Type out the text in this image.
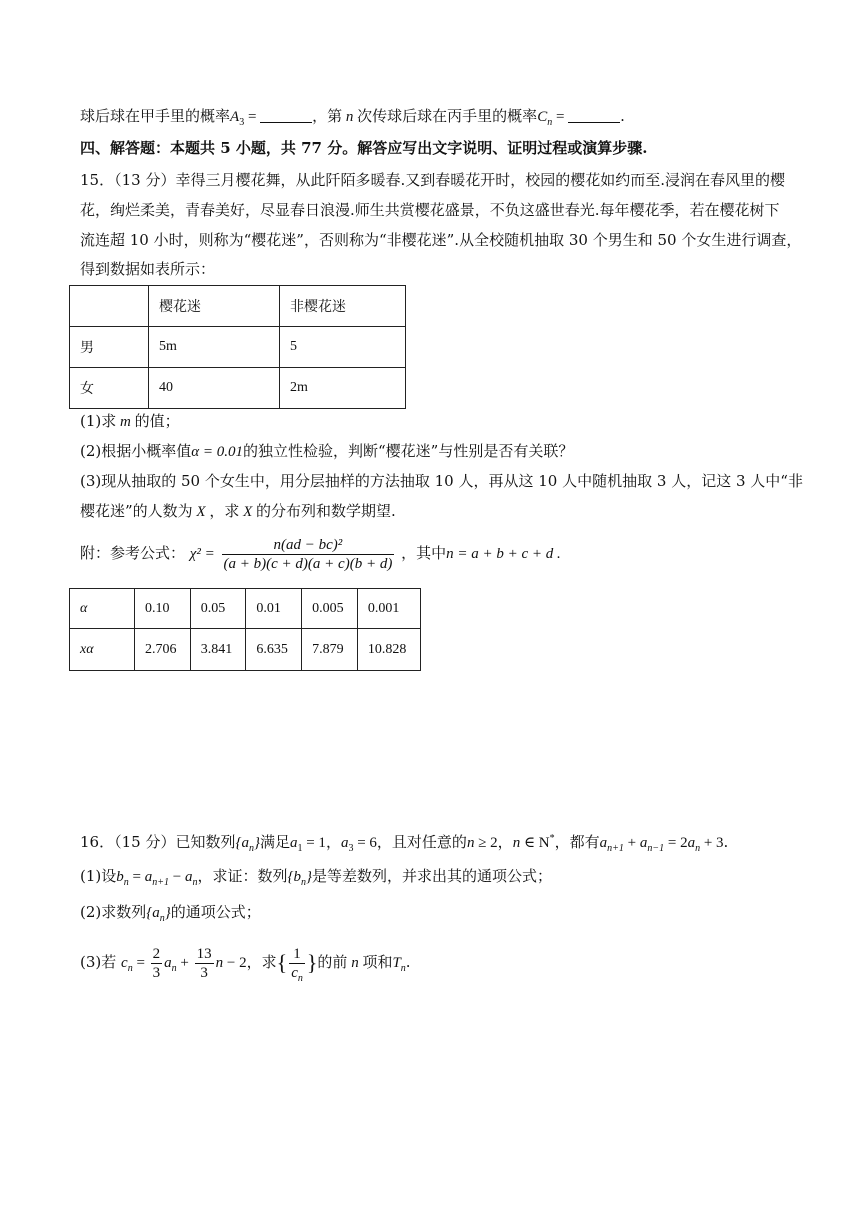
球后球在甲手里的概率$A_3$ =	，第 n 次传球后球在丙手里的概率$C_n$ =	.
四、解答题：本题共 5 小题，共 77 分。解答应写出文字说明、证明过程或演算步骤.
15．（13 分）幸得三月樱花舞，从此阡陌多暖春.又到春暖花开时，校园的樱花如约而至.浸润在春风里的樱
花，绚烂柔美，青春美好，尽显春日浪漫.师生共赏樱花盛景，不负这盛世春光.每年樱花季，若在樱花树下
流连超 10 小时，则称为“樱花迷”，否则称为“非樱花迷”.从全校随机抽取 30 个男生和 50 个女生进行调查，
得到数据如表所示：
	樱花迷	非樱花迷
男	5m	5
女	40	2m
(1)求 m 的值；
(2)根据小概率值α = 0.01的独立性检验，判断“樱花迷”与性别是否有关联？
(3)现从抽取的 50 个女生中，用分层抽样的方法抽取 10 人，再从这 10 人中随机抽取 3 人，记这 3 人中“非
樱花迷”的人数为 X ，求 X 的分布列和数学期望.
附：参考公式： $\chi^2 = \frac{\text{n(ad − bc)²}}{(a + b)(c + d)(a + c)(b + d)}$ ，其中n = a + b + c + d .
α	0.10	0.05	0.01	0.005	0.001
xα	2.706	3.841	6.635	7.879	10.828
16．（15 分）已知数列$\{a_n\}$满足$a_1 = 1$，$a_3 = 6$，且对任意的n ≥ 2，n ∈ N*，都有$a_{n+1} + a_{n-1} = 2a_n + 3$.
(1)设$b_n = a_{n+1} - a_n$，求证：数列$\{b_n\}$是等差数列，并求出其的通项公式；
(2)求数列$\{a_n\}$的通项公式；
(3)若 $c_n = \frac{2}{3} a_n + \frac{13}{3}$ n − 2，求{ $\frac{1}{c_n}$ }的前 n 项和$T_n$.
